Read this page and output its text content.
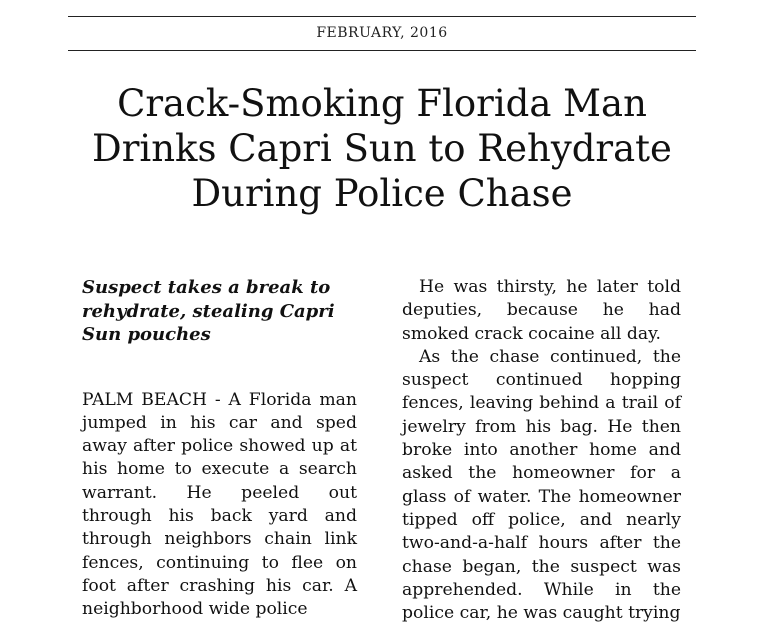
FEBRUARY, 2016
Crack-Smoking Florida Man
Drinks Capri Sun to Rehydrate
During Police Chase

Suspect takes a break to rehydrate, stealing Capri Sun pouches

PALM BEACH - A Florida man jumped in his car and sped away after police showed up at his home to execute a search warrant. He peeled out through his back yard and through neighbors chain link fences, continuing to flee on foot after crashing his car. A neighborhood wide police

He was thirsty, he later told deputies, because he had smoked crack cocaine all day.

As the chase continued, the suspect continued hopping fences, leaving behind a trail of jewelry from his bag. He then broke into another home and asked the homeowner for a glass of water. The homeowner tipped off police, and nearly two-and-a-half hours after the chase began, the suspect was apprehended. While in the police car, he was caught trying
